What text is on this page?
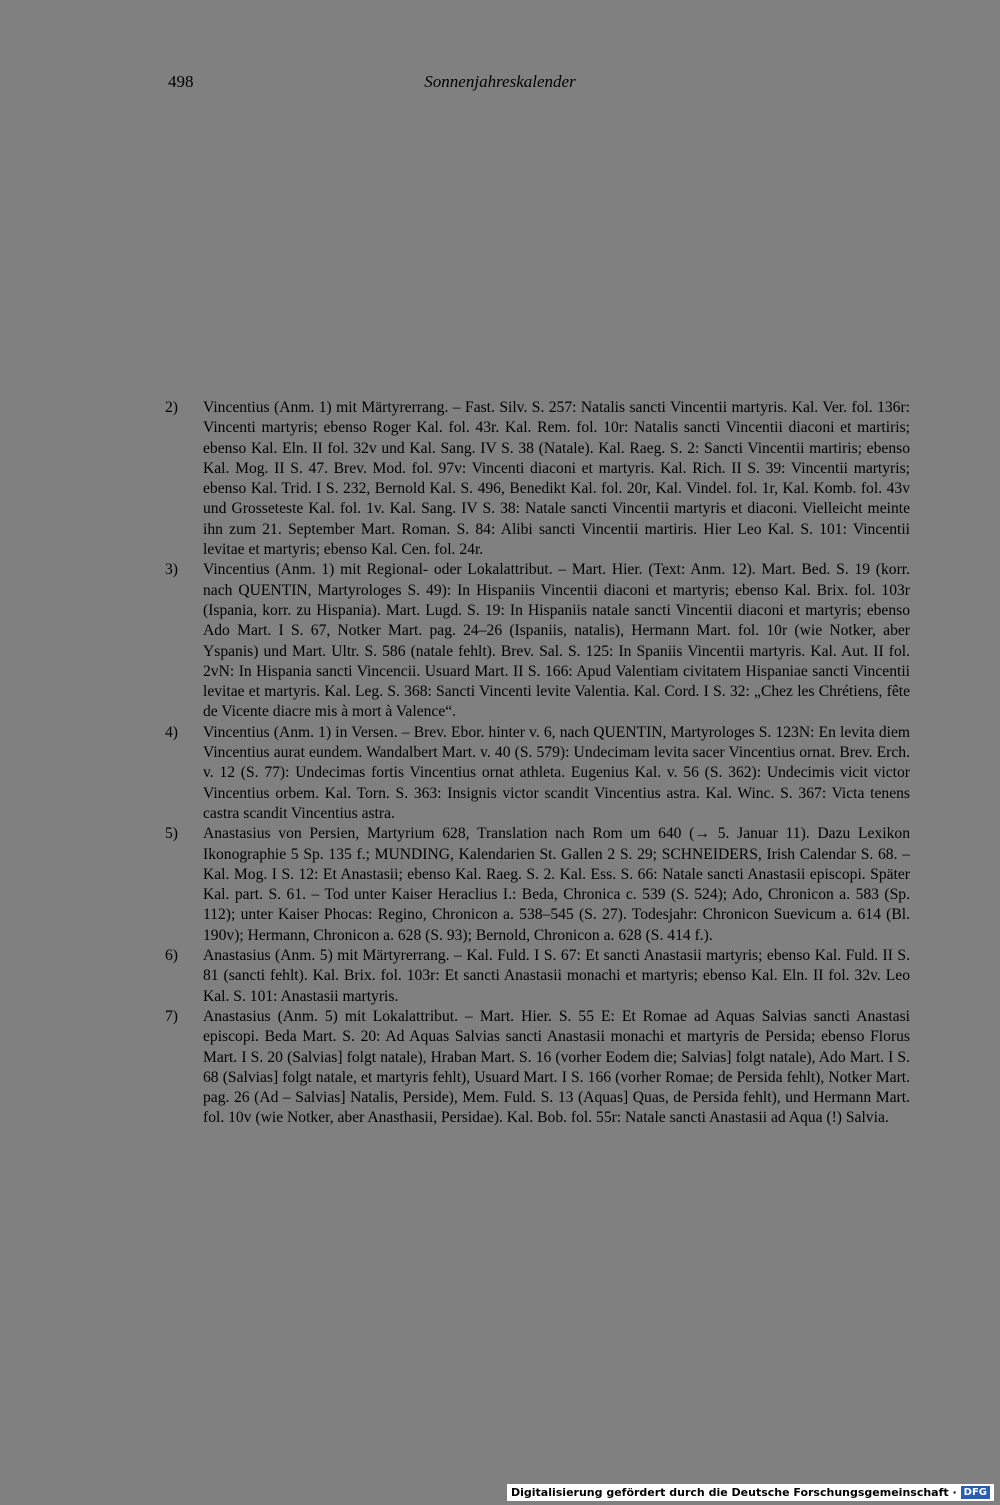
498	Sonnenjahreskalender
2) Vincentius (Anm. 1) mit Märtyrerrang. – Fast. Silv. S. 257: Natalis sancti Vincentii martyris. Kal. Ver. fol. 136r: Vincenti martyris; ebenso Roger Kal. fol. 43r. Kal. Rem. fol. 10r: Natalis sancti Vincentii diaconi et martiris; ebenso Kal. Eln. II fol. 32v und Kal. Sang. IV S. 38 (Natale). Kal. Raeg. S. 2: Sancti Vincentii martiris; ebenso Kal. Mog. II S. 47. Brev. Mod. fol. 97v: Vincenti diaconi et martyris. Kal. Rich. II S. 39: Vincentii martyris; ebenso Kal. Trid. I S. 232, Bernold Kal. S. 496, Benedikt Kal. fol. 20r, Kal. Vindel. fol. 1r, Kal. Komb. fol. 43v und Grosseteste Kal. fol. 1v. Kal. Sang. IV S. 38: Natale sancti Vincentii martyris et diaconi. Vielleicht meinte ihn zum 21. September Mart. Roman. S. 84: Alibi sancti Vincentii martiris. Hier Leo Kal. S. 101: Vincentii levitae et martyris; ebenso Kal. Cen. fol. 24r.
3) Vincentius (Anm. 1) mit Regional- oder Lokalattribut. – Mart. Hier. (Text: Anm. 12). Mart. Bed. S. 19 (korr. nach QUENTIN, Martyrologes S. 49): In Hispaniis Vincentii diaconi et martyris; ebenso Kal. Brix. fol. 103r (Ispania, korr. zu Hispania). Mart. Lugd. S. 19: In Hispaniis natale sancti Vincentii diaconi et martyris; ebenso Ado Mart. I S. 67, Notker Mart. pag. 24–26 (Ispaniis, natalis), Hermann Mart. fol. 10r (wie Notker, aber Yspanis) und Mart. Ultr. S. 586 (natale fehlt). Brev. Sal. S. 125: In Spaniis Vincentii martyris. Kal. Aut. II fol. 2vN: In Hispania sancti Vincencii. Usuard Mart. II S. 166: Apud Valentiam civitatem Hispaniae sancti Vincentii levitae et martyris. Kal. Leg. S. 368: Sancti Vincenti levite Valentia. Kal. Cord. I S. 32: „Chez les Chrétiens, fête de Vicente diacre mis à mort à Valence“.
4) Vincentius (Anm. 1) in Versen. – Brev. Ebor. hinter v. 6, nach QUENTIN, Martyrologes S. 123N: En levita diem Vincentius aurat eundem. Wandalbert Mart. v. 40 (S. 579): Undecimam levita sacer Vincentius ornat. Brev. Erch. v. 12 (S. 77): Undecimas fortis Vincentius ornat athleta. Eugenius Kal. v. 56 (S. 362): Undecimis vicit victor Vincentius orbem. Kal. Torn. S. 363: Insignis victor scandit Vincentius astra. Kal. Winc. S. 367: Victa tenens castra scandit Vincentius astra.
5) Anastasius von Persien, Martyrium 628, Translation nach Rom um 640 (→ 5. Januar 11). Dazu Lexikon Ikonographie 5 Sp. 135 f.; MUNDING, Kalendarien St. Gallen 2 S. 29; SCHNEIDERS, Irish Calendar S. 68. – Kal. Mog. I S. 12: Et Anastasii; ebenso Kal. Raeg. S. 2. Kal. Ess. S. 66: Natale sancti Anastasii episcopi. Später Kal. part. S. 61. – Tod unter Kaiser Heraclius I.: Beda, Chronica c. 539 (S. 524); Ado, Chronicon a. 583 (Sp. 112); unter Kaiser Phocas: Regino, Chronicon a. 538–545 (S. 27). Todesjahr: Chronicon Suevicum a. 614 (Bl. 190v); Hermann, Chronicon a. 628 (S. 93); Bernold, Chronicon a. 628 (S. 414 f.).
6) Anastasius (Anm. 5) mit Märtyrerrang. – Kal. Fuld. I S. 67: Et sancti Anastasii martyris; ebenso Kal. Fuld. II S. 81 (sancti fehlt). Kal. Brix. fol. 103r: Et sancti Anastasii monachi et martyris; ebenso Kal. Eln. II fol. 32v. Leo Kal. S. 101: Anastasii martyris.
7) Anastasius (Anm. 5) mit Lokalattribut. – Mart. Hier. S. 55 E: Et Romae ad Aquas Salvias sancti Anastasi episcopi. Beda Mart. S. 20: Ad Aquas Salvias sancti Anastasii monachi et martyris de Persida; ebenso Florus Mart. I S. 20 (Salvias] folgt natale), Hraban Mart. S. 16 (vorher Eodem die; Salvias] folgt natale), Ado Mart. I S. 68 (Salvias] folgt natale, et martyris fehlt), Usuard Mart. I S. 166 (vorher Romae; de Persida fehlt), Notker Mart. pag. 26 (Ad – Salvias] Natalis, Perside), Mem. Fuld. S. 13 (Aquas] Quas, de Persida fehlt), und Hermann Mart. fol. 10v (wie Notker, aber Anasthasii, Persidae). Kal. Bob. fol. 55r: Natale sancti Anastasii ad Aqua (!) Salvia.
Digitalisierung gefördert durch die Deutsche Forschungsgemeinschaft · DFG
